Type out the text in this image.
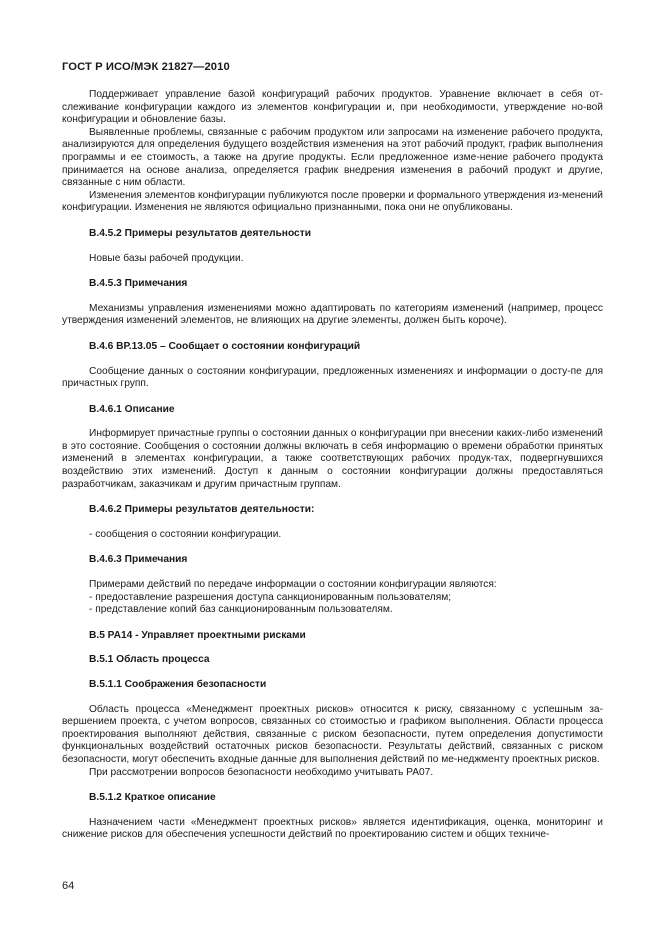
ГОСТ Р ИСО/МЭК 21827—2010

Поддерживает управление базой конфигураций рабочих продуктов. Уравнение включает в себя от-слеживание конфигурации каждого из элементов конфигурации и, при необходимости, утверждение но-вой конфигурации и обновление базы.

Выявленные проблемы, связанные с рабочим продуктом или запросами на изменение рабочего продукта, анализируются для определения будущего воздействия изменения на этот рабочий продукт, график выполнения программы и ее стоимость, а также на другие продукты. Если предложенное изме-нение рабочего продукта принимается на основе анализа, определяется график внедрения изменения в рабочий продукт и другие, связанные с ним области.

Изменения элементов конфигурации публикуются после проверки и формального утверждения из-менений конфигурации. Изменения не являются официально признанными, пока они не опубликованы.

В.4.5.2 Примеры результатов деятельности

Новые базы рабочей продукции.

В.4.5.3 Примечания

Механизмы управления изменениями можно адаптировать по категориям изменений (например, процесс утверждения изменений элементов, не влияющих на другие элементы, должен быть короче).

В.4.6 ВР.13.05 – Сообщает о состоянии конфигураций

Сообщение данных о состоянии конфигурации, предложенных изменениях и информации о досту-пе для причастных групп.

В.4.6.1 Описание

Информирует причастные группы о состоянии данных о конфигурации при внесении каких-либо изменений в это состояние. Сообщения о состоянии должны включать в себя информацию о времени обработки принятых изменений в элементах конфигурации, а также соответствующих рабочих продук-тах, подвергнувшихся воздействию этих изменений. Доступ к данным о состоянии конфигурации должны предоставляться разработчикам, заказчикам и другим причастным группам.

В.4.6.2 Примеры результатов деятельности:

- сообщения о состоянии конфигурации.

В.4.6.3 Примечания

Примерами действий по передаче информации о состоянии конфигурации являются:

- предоставление разрешения доступа санкционированным пользователям;

- представление копий баз санкционированным пользователям.

В.5 РА14 - Управляет проектными рисками

В.5.1 Область процесса

В.5.1.1 Соображения безопасности

Область процесса «Менеджмент проектных рисков» относится к риску, связанному с успешным за-вершением проекта, с учетом вопросов, связанных со стоимостью и графиком выполнения. Области процесса проектирования выполняют действия, связанные с риском безопасности, путем определения допустимости функциональных воздействий остаточных рисков безопасности. Результаты действий, связанных с риском безопасности, могут обеспечить входные данные для выполнения действий по ме-неджменту проектных рисков.

При рассмотрении вопросов безопасности необходимо учитывать РА07.

В.5.1.2 Краткое описание

Назначением части «Менеджмент проектных рисков» является идентификация, оценка, мониторинг и снижение рисков для обеспечения успешности действий по проектированию систем и общих техниче-

64
